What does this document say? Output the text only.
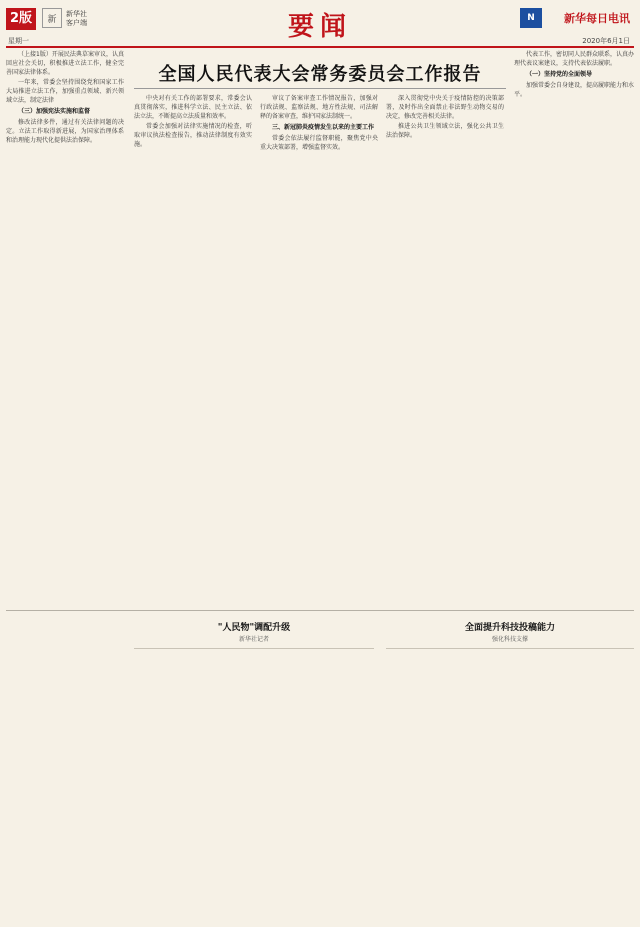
2版	新
新华社
客户端
星期一	要闻	N	新华每日电讯
2020年6月1日

（上接1版）开展民法典草案审议，认真回应社会关切，积极推进立法工作，健全完善国家法律体系。

一年来，常委会坚持围绕党和国家工作大局推进立法工作，加强重点领域、新兴领域立法，制定法律

（三）加强宪法实施和监督

修改法律多件，通过有关法律问题的决定。立法工作取得新进展，为国家治理体系和治理能力现代化提供法治保障。

全国人民代表大会常务委员会工作报告

中央对有关工作的部署要求，常委会认真贯彻落实，推进科学立法、民主立法、依法立法，不断提高立法质量和效率。

常委会加强对法律实施情况的检查，听取审议执法检查报告，推动法律制度有效实施。

审议了备案审查工作情况报告，加强对行政法规、监察法规、地方性法规、司法解释的备案审查，维护国家法制统一。

三、新冠肺炎疫情发生以来的主要工作

常委会依法履行监督职能，聚焦党中央重大决策部署，增强监督实效。

深入贯彻党中央关于疫情防控的决策部署，及时作出全面禁止非法野生动物交易的决定，修改完善相关法律。

推进公共卫生领域立法，强化公共卫生法治保障。

代表工作，密切同人民群众联系，认真办理代表议案建议，支持代表依法履职。

（一）坚持党的全面领导

加强常委会自身建设，提高履职能力和水平。

"人民物"调配升级
新华社记者
全面提升科技投稿能力
强化科技支撑
